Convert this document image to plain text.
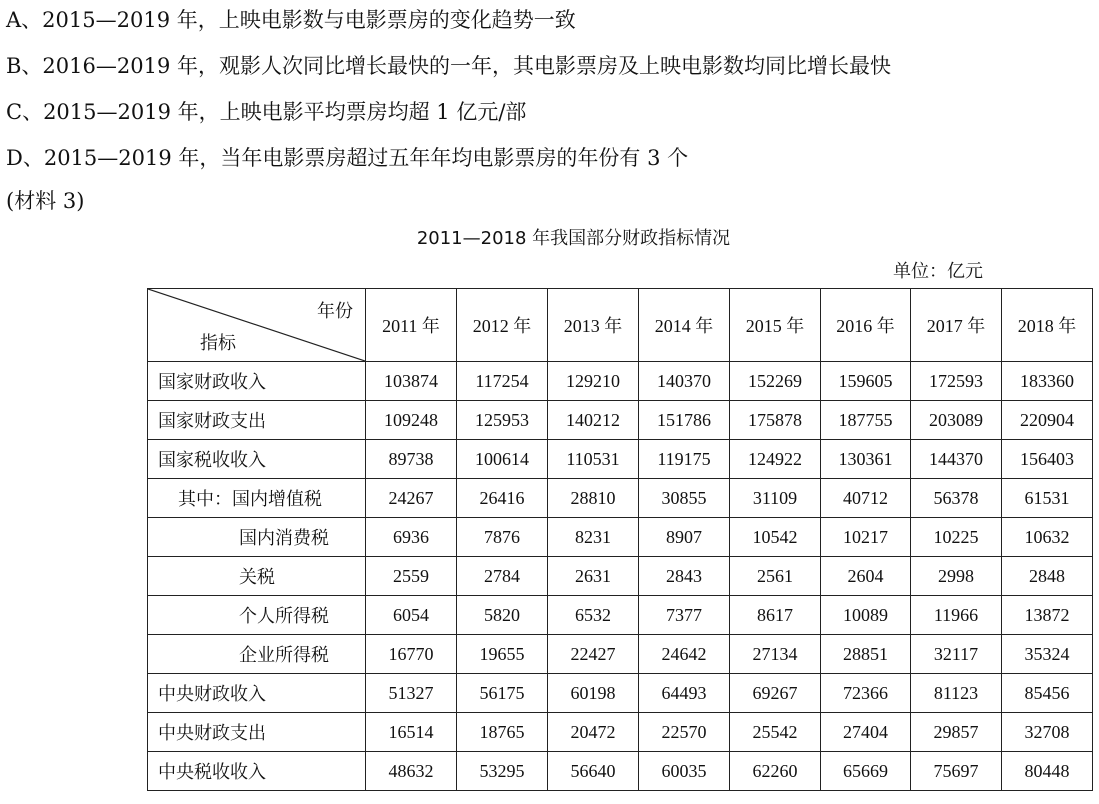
A、2015—2019 年，上映电影数与电影票房的变化趋势一致
B、2016—2019 年，观影人次同比增长最快的一年，其电影票房及上映电影数均同比增长最快
C、2015—2019 年，上映电影平均票房均超 1 亿元/部
D、2015—2019 年，当年电影票房超过五年年均电影票房的年份有 3 个
(材料 3)
2011—2018 年我国部分财政指标情况
单位：亿元
年份
指标	2011 年	2012 年	2013 年	2014 年	2015 年	2016 年	2017 年	2018 年
国家财政收入	103874	117254	129210	140370	152269	159605	172593	183360
国家财政支出	109248	125953	140212	151786	175878	187755	203089	220904
国家税收收入	89738	100614	110531	119175	124922	130361	144370	156403
其中：国内增值税	24267	26416	28810	30855	31109	40712	56378	61531
国内消费税	6936	7876	8231	8907	10542	10217	10225	10632
关税	2559	2784	2631	2843	2561	2604	2998	2848
个人所得税	6054	5820	6532	7377	8617	10089	11966	13872
企业所得税	16770	19655	22427	24642	27134	28851	32117	35324
中央财政收入	51327	56175	60198	64493	69267	72366	81123	85456
中央财政支出	16514	18765	20472	22570	25542	27404	29857	32708
中央税收收入	48632	53295	56640	60035	62260	65669	75697	80448
